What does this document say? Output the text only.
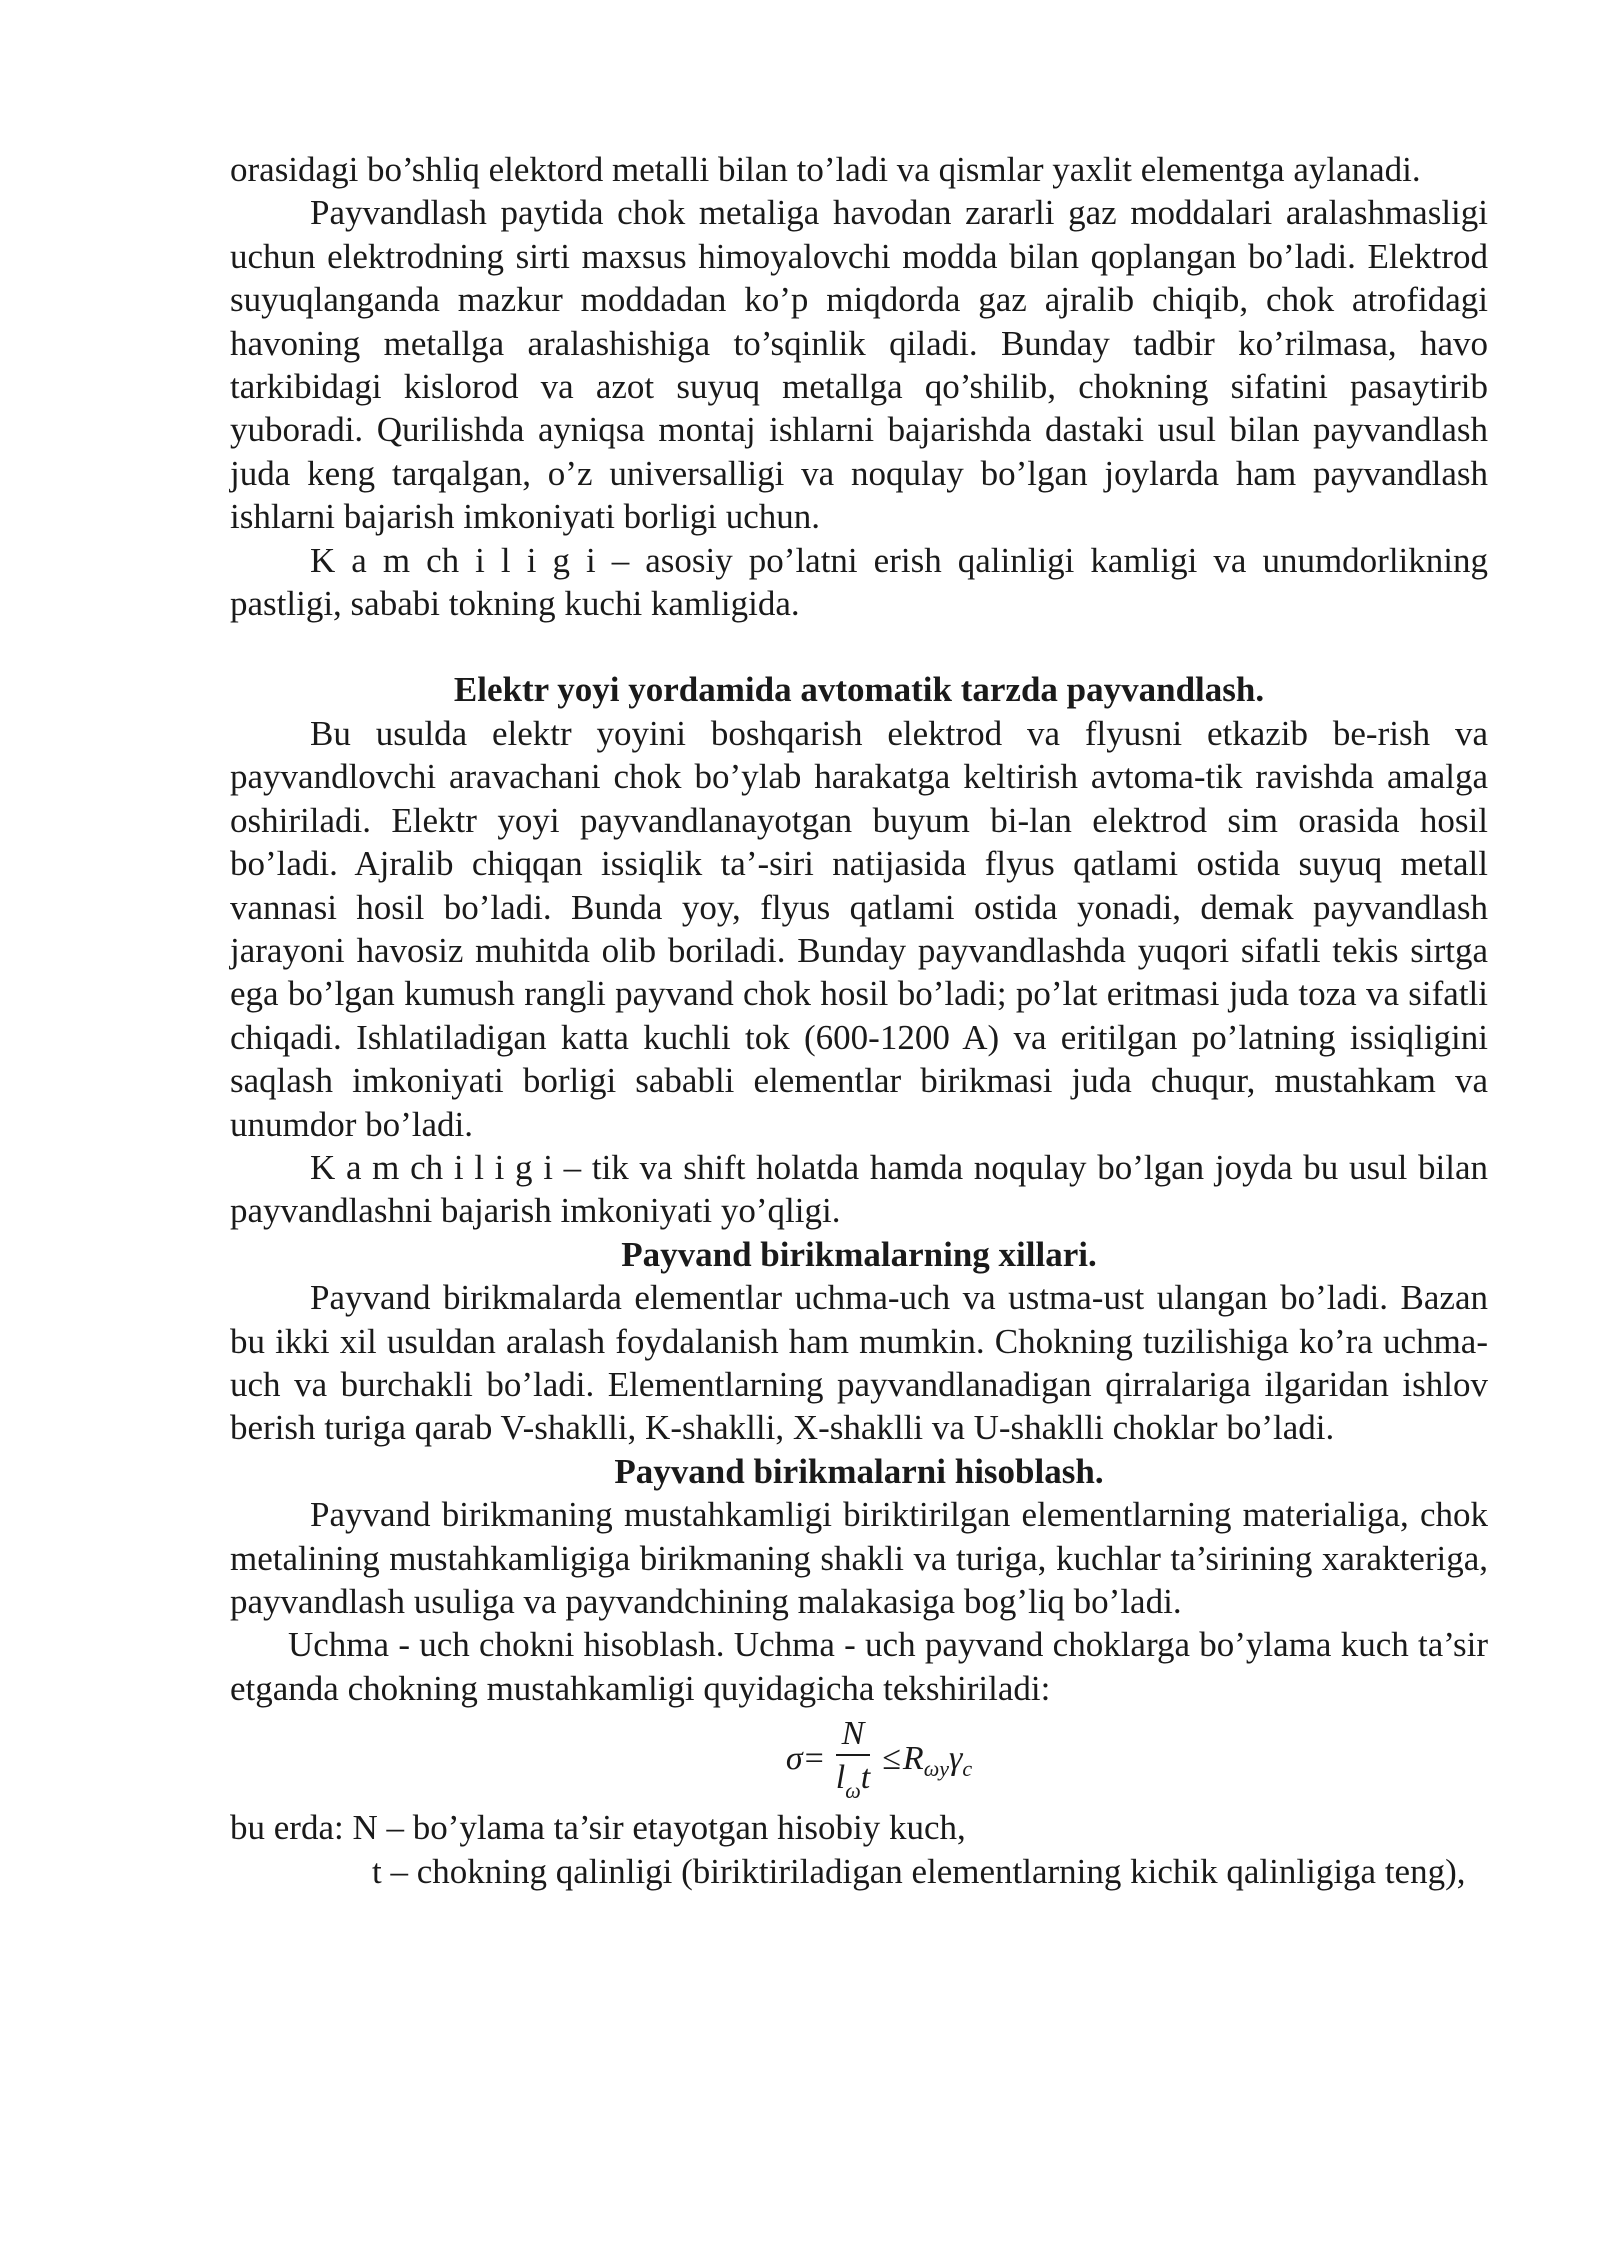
orasidagi bo’shliq elektord metalli bilan to’ladi va qismlar yaxlit elementga aylanadi.

Payvandlash paytida chok metaliga havodan zararli gaz moddalari aralashmasligi uchun elektrodning sirti maxsus himoyalovchi modda bilan qoplangan bo’ladi. Elektrod suyuqlanganda mazkur moddadan ko’p miqdorda gaz ajralib chiqib, chok atrofidagi havoning metallga aralashishiga to’sqinlik qiladi. Bunday tadbir ko’rilmasa, havo tarkibidagi kislorod va azot suyuq metallga qo’shilib, chokning sifatini pasaytirib yuboradi. Qurilishda ayniqsa montaj ishlarni bajarishda dastaki usul bilan payvandlash juda keng tarqalgan, o’z universalligi va noqulay bo’lgan joylarda ham payvandlash ishlarni bajarish imkoniyati borligi uchun.

K a m ch i l i g i – asosiy po’latni erish qalinligi kamligi va unumdorlikning pastligi, sababi tokning kuchi kamligida.

Elektr yoyi yordamida avtomatik tarzda payvandlash.

Bu usulda elektr yoyini boshqarish elektrod va flyusni etkazib be-rish va payvandlovchi aravachani chok bo’ylab harakatga keltirish avtoma-tik ravishda amalga oshiriladi. Elektr yoyi payvandlanayotgan buyum bi-lan elektrod sim orasida hosil bo’ladi. Ajralib chiqqan issiqlik ta’-siri natijasida flyus qatlami ostida suyuq metall vannasi hosil bo’ladi. Bunda yoy, flyus qatlami ostida yonadi, demak payvandlash jarayoni havosiz muhitda olib boriladi. Bunday payvandlashda yuqori sifatli tekis sirtga ega bo’lgan kumush rangli payvand chok hosil bo’ladi; po’lat eritmasi juda toza va sifatli chiqadi. Ishlatiladigan katta kuchli tok (600-1200 A) va eritilgan po’latning issiqligini saqlash imkoniyati borligi sababli elementlar birikmasi juda chuqur, mustahkam va unumdor bo’ladi.

K a m ch i l i g i – tik va shift holatda hamda noqulay bo’lgan joyda bu usul bilan payvandlashni bajarish imkoniyati yo’qligi.

Payvand birikmalarning xillari.

Payvand birikmalarda elementlar uchma-uch va ustma-ust ulangan bo’ladi. Bazan bu ikki xil usuldan aralash foydalanish ham mumkin. Chokning tuzilishiga ko’ra uchma-uch va burchakli bo’ladi. Elementlarning payvandlanadigan qirralariga ilgaridan ishlov berish turiga qarab V-shaklli, K-shaklli, X-shaklli va U-shaklli choklar bo’ladi.

Payvand birikmalarni hisoblash.

Payvand birikmaning mustahkamligi biriktirilgan elementlarning materialiga, chok metalining mustahkamligiga birikmaning shakli va turiga, kuchlar ta’sirining xarakteriga, payvandlash usuliga va payvandchining malakasiga bog’liq bo’ladi.

Uchma - uch chokni hisoblash. Uchma - uch payvand choklarga bo’ylama kuch ta’sir etganda chokning mustahkamligi quyidagicha tekshiriladi:

$\sigma = \frac{N}{l_\omega t} \le R$ ωy γ c

bu erda: N – bo’ylama ta’sir etayotgan hisobiy kuch,

t – chokning qalinligi (biriktiriladigan elementlarning kichik qalinligiga teng),
